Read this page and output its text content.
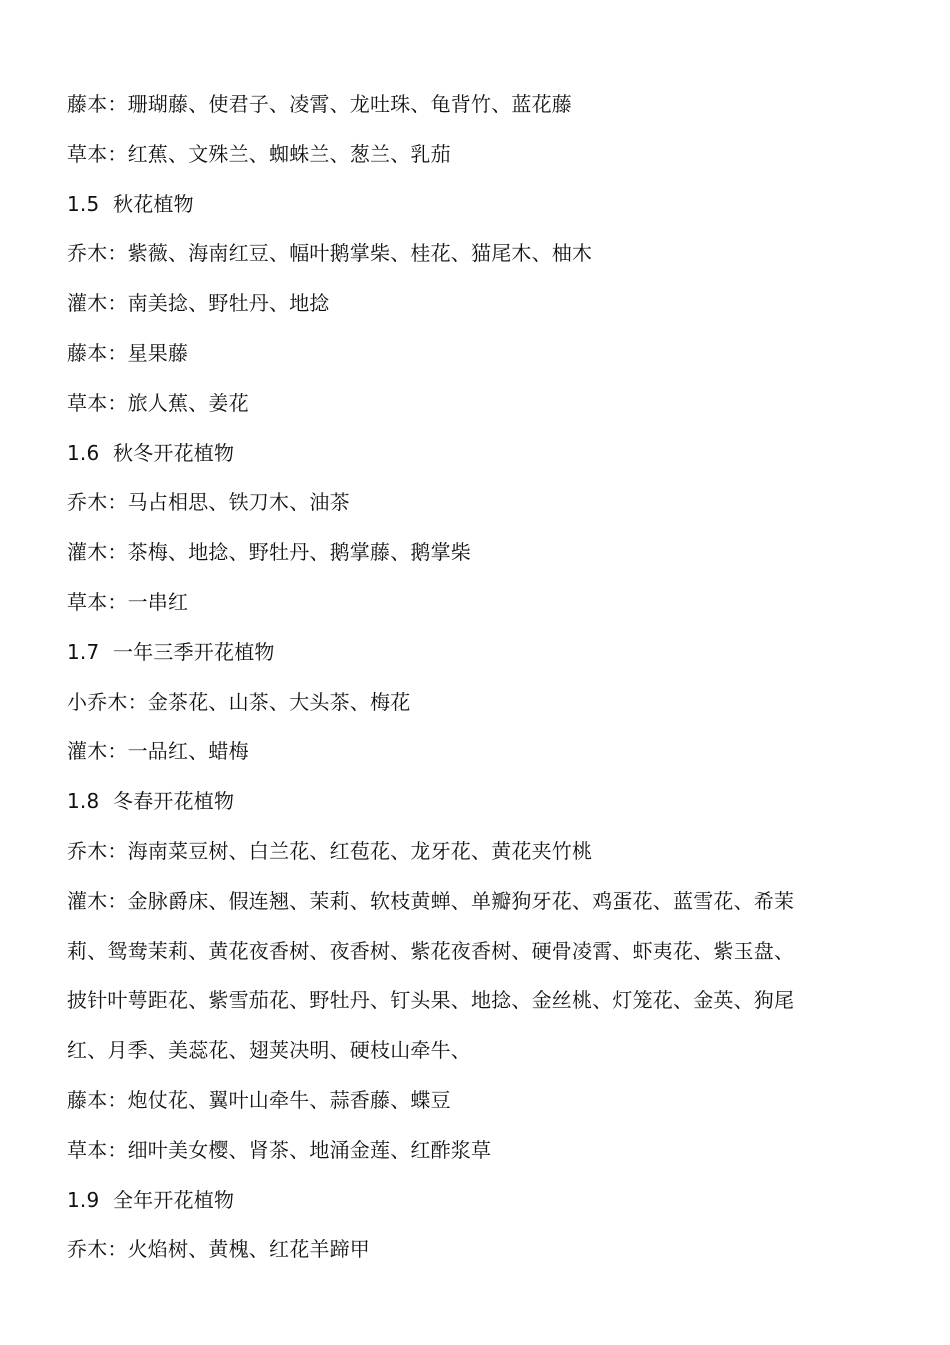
藤本：珊瑚藤、使君子、凌霄、龙吐珠、龟背竹、蓝花藤
草本：红蕉、文殊兰、蜘蛛兰、葱兰、乳茄
1.5 秋花植物
乔木：紫薇、海南红豆、幅叶鹅掌柴、桂花、猫尾木、柚木
灌木：南美捻、野牡丹、地捻
藤本：星果藤
草本：旅人蕉、姜花
1.6 秋冬开花植物
乔木：马占相思、铁刀木、油茶
灌木：茶梅、地捻、野牡丹、鹅掌藤、鹅掌柴
草本：一串红
1.7 一年三季开花植物
小乔木：金茶花、山茶、大头茶、梅花
灌木：一品红、蜡梅
1.8 冬春开花植物
乔木：海南菜豆树、白兰花、红苞花、龙牙花、黄花夹竹桃
灌木：金脉爵床、假连翘、茉莉、软枝黄蝉、单瓣狗牙花、鸡蛋花、蓝雪花、希茉
莉、鸳鸯茉莉、黄花夜香树、夜香树、紫花夜香树、硬骨凌霄、虾夷花、紫玉盘、
披针叶萼距花、紫雪茄花、野牡丹、钉头果、地捻、金丝桃、灯笼花、金英、狗尾
红、月季、美蕊花、翅荚决明、硬枝山牵牛、
藤本：炮仗花、翼叶山牵牛、蒜香藤、蝶豆
草本：细叶美女樱、肾茶、地涌金莲、红酢浆草
1.9 全年开花植物
乔木：火焰树、黄槐、红花羊蹄甲
